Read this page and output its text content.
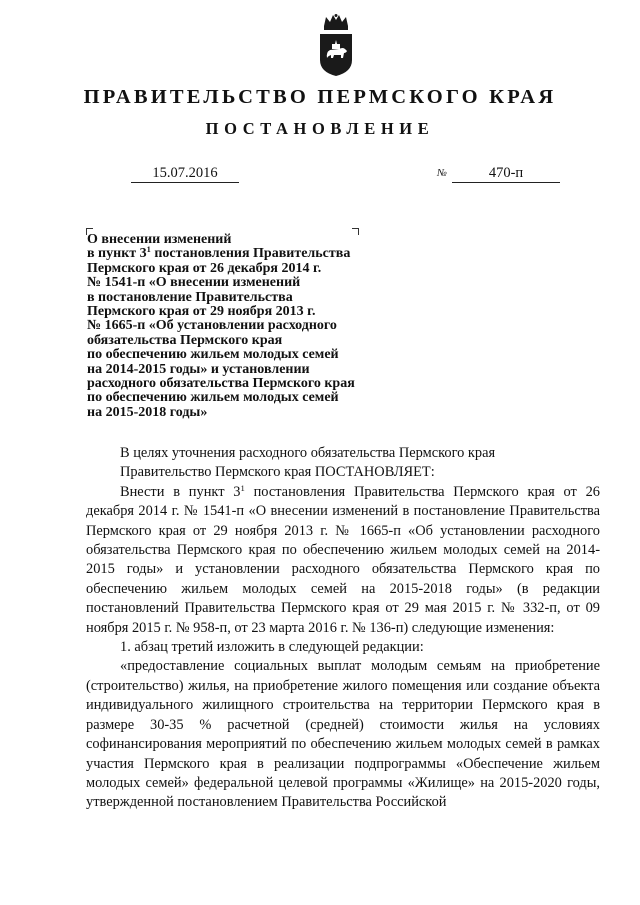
ПРАВИТЕЛЬСТВО ПЕРМСКОГО КРАЯ
ПОСТАНОВЛЕНИЕ
15.07.2016	№	470-п
О внесении изменений
в пункт $3^1$ постановления Правительства
Пермского края от 26 декабря 2014 г.
№ 1541-п «О внесении изменений
в постановление Правительства
Пермского края от 29 ноября 2013 г.
№ 1665-п «Об установлении расходного
обязательства Пермского края
по обеспечению жильем молодых семей
на 2014-2015 годы» и установлении
расходного обязательства Пермского края
по обеспечению жильем молодых семей
на 2015-2018 годы»

В целях уточнения расходного обязательства Пермского края

Правительство Пермского края ПОСТАНОВЛЯЕТ:

Внести в пункт $3^1$ постановления Правительства Пермского края от 26 декабря 2014 г. № 1541-п «О внесении изменений в постановление Правительства Пермского края от 29 ноября 2013 г. № 1665-п «Об установлении расходного обязательства Пермского края по обеспечению жильем молодых семей на 2014-2015 годы» и установлении расходного обязательства Пермского края по обеспечению жильем молодых семей на 2015-2018 годы» (в редакции постановлений Правительства Пермского края от 29 мая 2015 г. № 332-п, от 09 ноября 2015 г. № 958-п, от 23 марта 2016 г. № 136-п) следующие изменения:

1. абзац третий изложить в следующей редакции:

«предоставление социальных выплат молодым семьям на приобретение (строительство) жилья, на приобретение жилого помещения или создание объекта индивидуального жилищного строительства на территории Пермского края в размере 30-35 % расчетной (средней) стоимости жилья на условиях софинансирования мероприятий по обеспечению жильем молодых семей в рамках участия Пермского края в реализации подпрограммы «Обеспечение жильем молодых семей» федеральной целевой программы «Жилище» на 2015-2020 годы, утвержденной постановлением Правительства Российской
